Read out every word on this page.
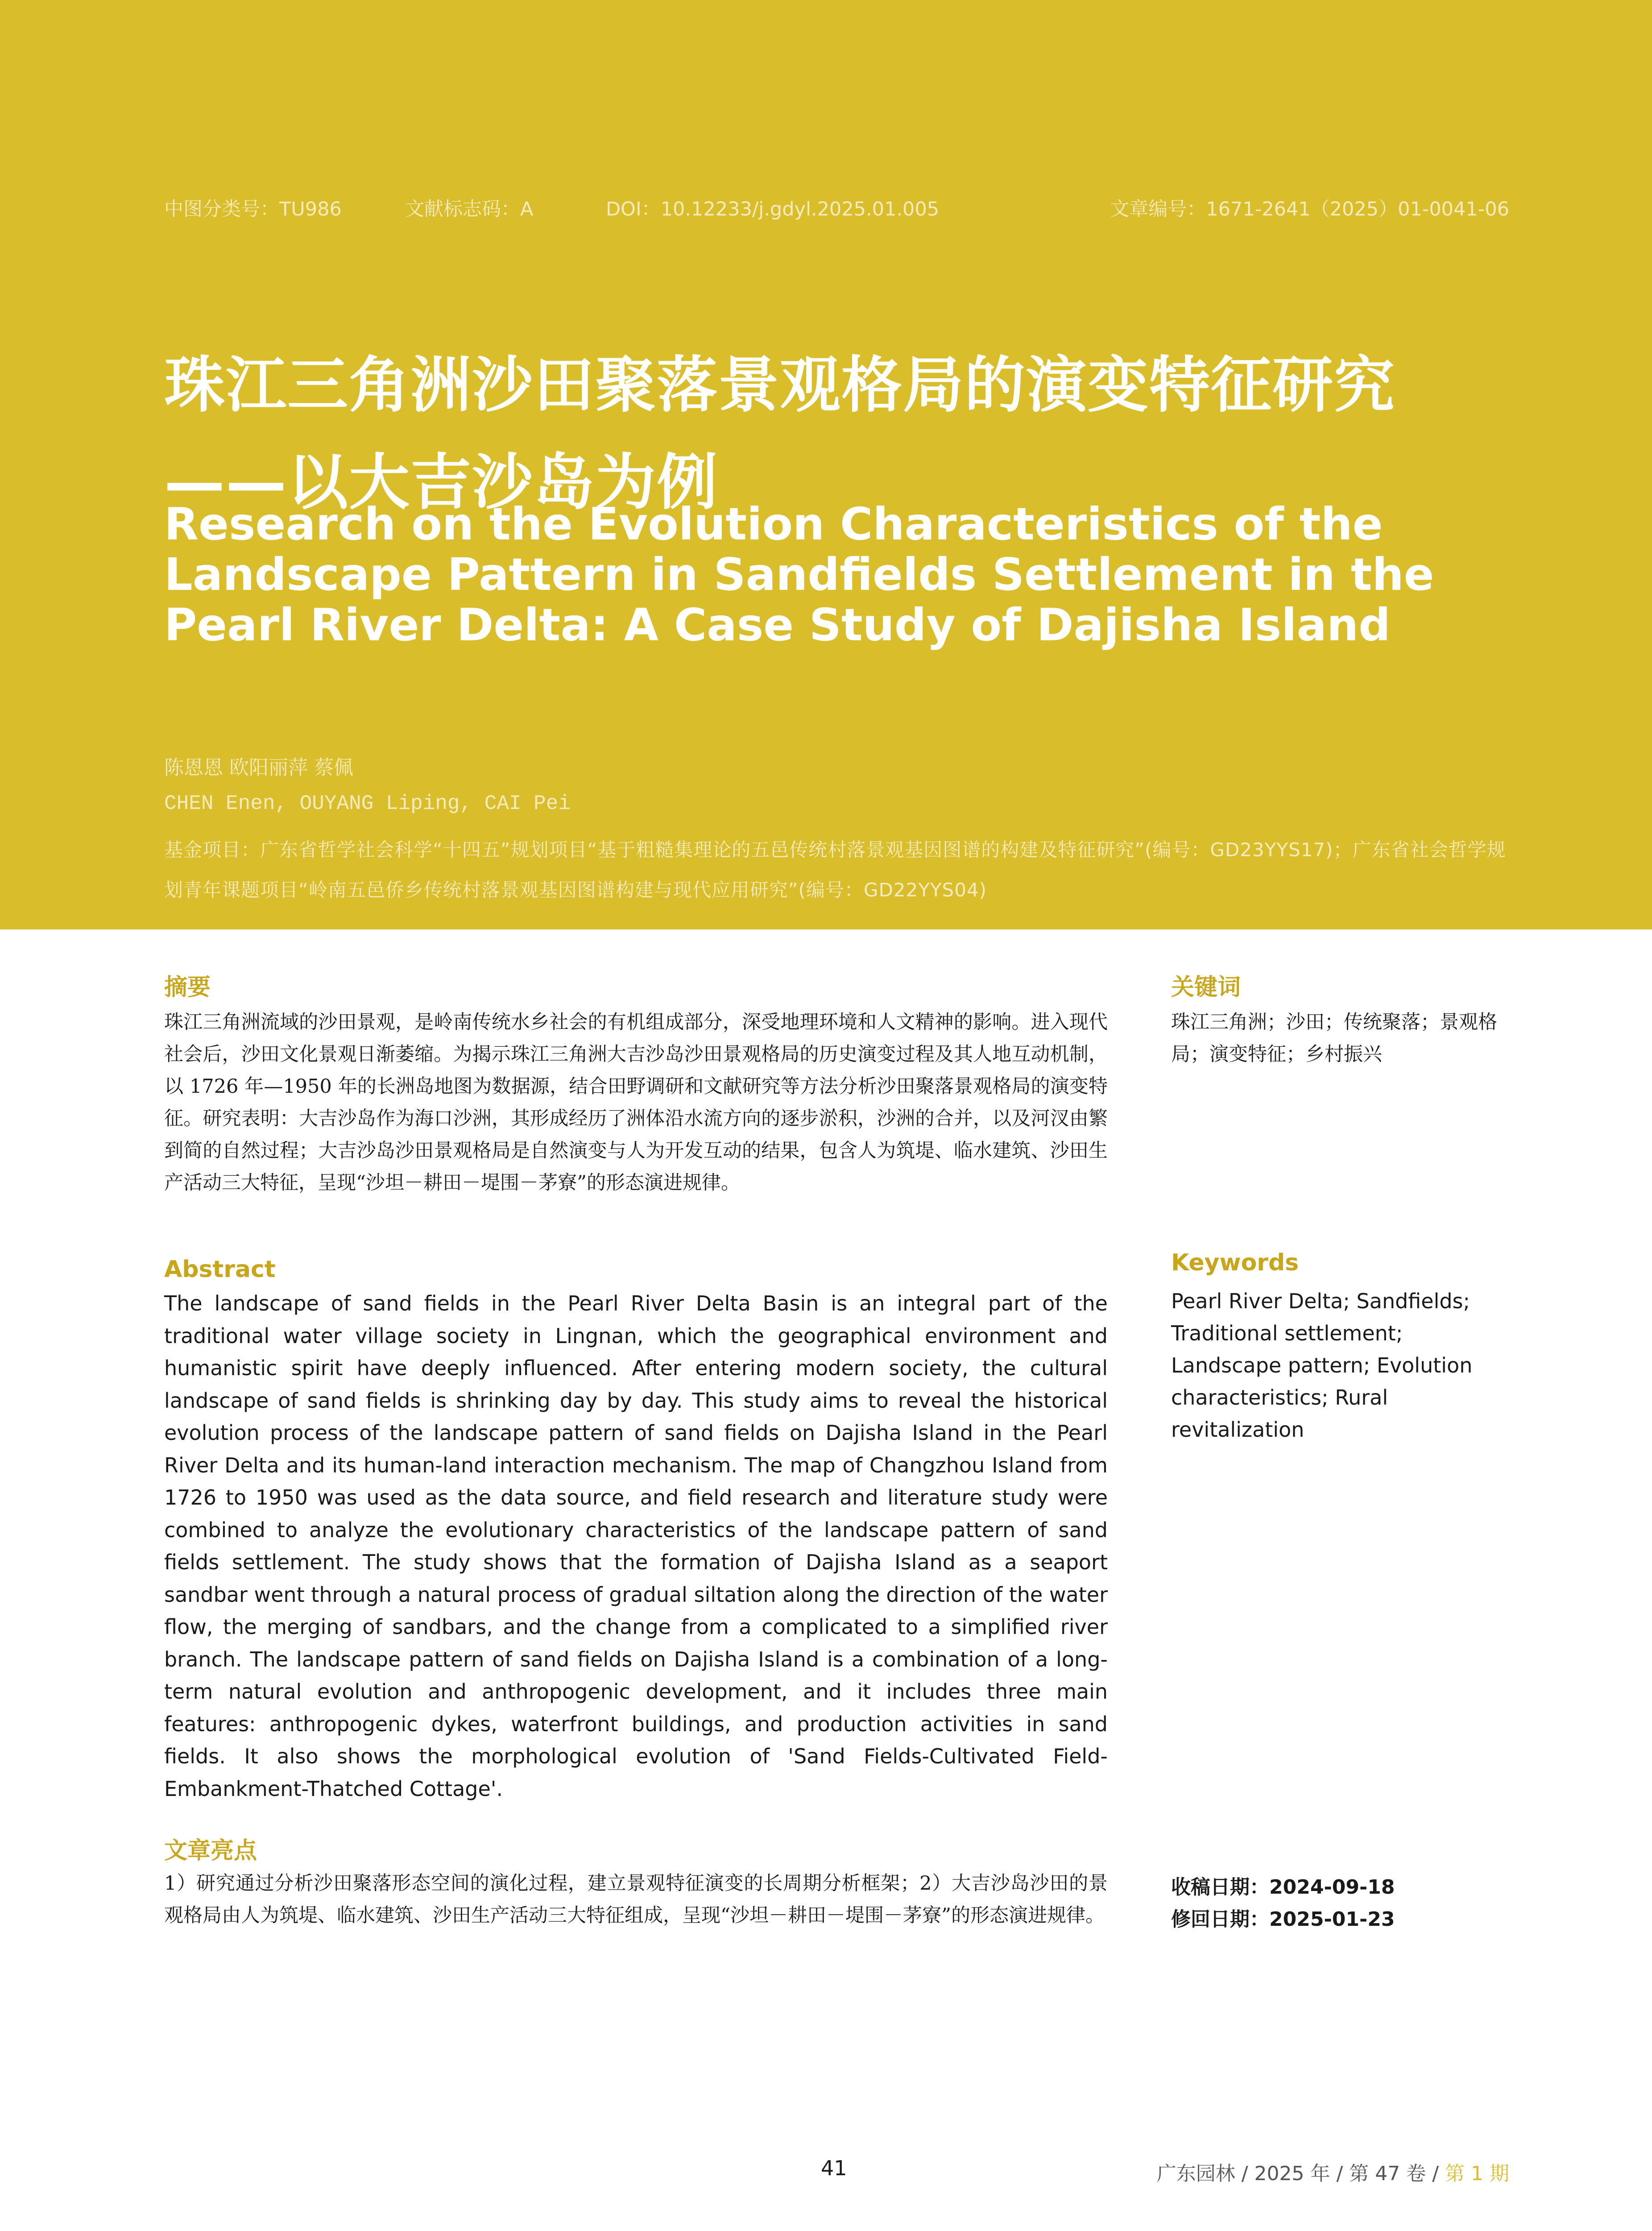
中图分类号：TU986	文献标志码：A	DOI：10.12233/j.gdyl.2025.01.005	文章编号：1671-2641（2025）01-0041-06
珠江三角洲沙田聚落景观格局的演变特征研究——以大吉沙岛为例
Research on the Evolution Characteristics of the Landscape Pattern in Sandfields Settlement in the Pearl River Delta: A Case Study of Dajisha Island
陈恩恩 欧阳丽萍 蔡佩
CHEN Enen, OUYANG Liping, CAI Pei
基金项目：广东省哲学社会科学“十四五”规划项目“基于粗糙集理论的五邑传统村落景观基因图谱的构建及特征研究”(编号：GD23YYS17)；广东省社会哲学规划青年课题项目“岭南五邑侨乡传统村落景观基因图谱构建与现代应用研究”(编号：GD22YYS04)
摘要
珠江三角洲流域的沙田景观，是岭南传统水乡社会的有机组成部分，深受地理环境和人文精神的影响。进入现代社会后，沙田文化景观日渐萎缩。为揭示珠江三角洲大吉沙岛沙田景观格局的历史演变过程及其人地互动机制，以 1726 年—1950 年的长洲岛地图为数据源，结合田野调研和文献研究等方法分析沙田聚落景观格局的演变特征。研究表明：大吉沙岛作为海口沙洲，其形成经历了洲体沿水流方向的逐步淤积，沙洲的合并，以及河汊由繁到简的自然过程；大吉沙岛沙田景观格局是自然演变与人为开发互动的结果，包含人为筑堤、临水建筑、沙田生产活动三大特征，呈现“沙坦－耕田－堤围－茅寮”的形态演进规律。
关键词
珠江三角洲；沙田；传统聚落；景观格局；演变特征；乡村振兴
Abstract
The landscape of sand fields in the Pearl River Delta Basin is an integral part of the traditional water village society in Lingnan, which the geographical environment and humanistic spirit have deeply influenced. After entering modern society, the cultural landscape of sand fields is shrinking day by day. This study aims to reveal the historical evolution process of the landscape pattern of sand fields on Dajisha Island in the Pearl River Delta and its human-land interaction mechanism. The map of Changzhou Island from 1726 to 1950 was used as the data source, and field research and literature study were combined to analyze the evolutionary characteristics of the landscape pattern of sand fields settlement. The study shows that the formation of Dajisha Island as a seaport sandbar went through a natural process of gradual siltation along the direction of the water flow, the merging of sandbars, and the change from a complicated to a simplified river branch. The landscape pattern of sand fields on Dajisha Island is a combination of a long-term natural evolution and anthropogenic development, and it includes three main features: anthropogenic dykes, waterfront buildings, and production activities in sand fields. It also shows the morphological evolution of 'Sand Fields-Cultivated Field-Embankment-Thatched Cottage'.
Keywords
Pearl River Delta; Sandfields; Traditional settlement; Landscape pattern; Evolution characteristics; Rural revitalization
文章亮点
1）研究通过分析沙田聚落形态空间的演化过程，建立景观特征演变的长周期分析框架；2）大吉沙岛沙田的景观格局由人为筑堤、临水建筑、沙田生产活动三大特征组成，呈现“沙坦－耕田－堤围－茅寮”的形态演进规律。
收稿日期：2024-09-18
修回日期：2025-01-23
41	广东园林 / 2025 年 / 第 47 卷 / 第 1 期
